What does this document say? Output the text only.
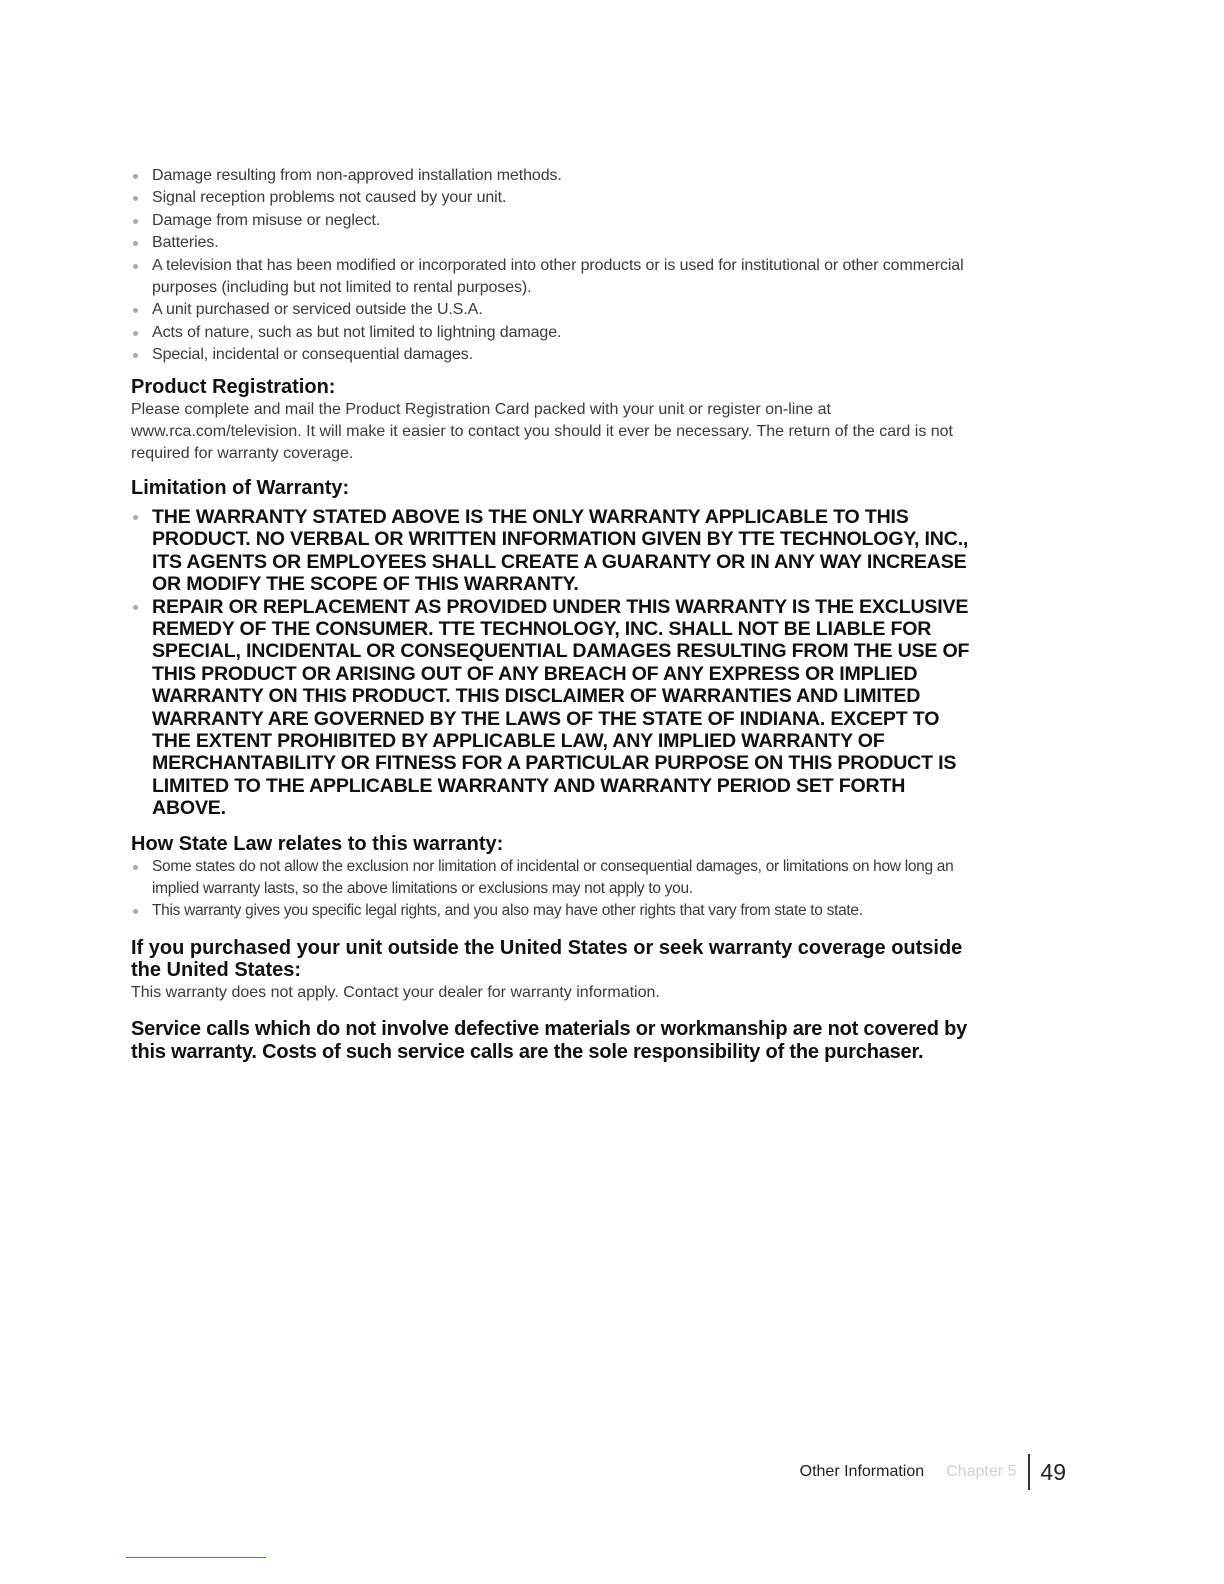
Damage resulting from non-approved installation methods.
Signal reception problems not caused by your unit.
Damage from misuse or neglect.
Batteries.
A television that has been modified or incorporated into other products or is used for institutional or other commercial purposes (including but not limited to rental purposes).
A unit purchased or serviced outside the U.S.A.
Acts of nature, such as but not limited to lightning damage.
Special, incidental or consequential damages.
Product Registration:

Please complete and mail the Product Registration Card packed with your unit or register on-line at www.rca.com/television. It will make it easier to contact you should it ever be necessary. The return of the card is not required for warranty coverage.

Limitation of Warranty:
THE WARRANTY STATED ABOVE IS THE ONLY WARRANTY APPLICABLE TO THIS PRODUCT. NO VERBAL OR WRITTEN INFORMATION GIVEN BY TTE TECHNOLOGY, INC., ITS AGENTS OR EMPLOYEES SHALL CREATE A GUARANTY OR IN ANY WAY INCREASE OR MODIFY THE SCOPE OF THIS WARRANTY.
REPAIR OR REPLACEMENT AS PROVIDED UNDER THIS WARRANTY IS THE EXCLUSIVE REMEDY OF THE CONSUMER. TTE TECHNOLOGY, INC. SHALL NOT BE LIABLE FOR SPECIAL, INCIDENTAL OR CONSEQUENTIAL DAMAGES RESULTING FROM THE USE OF THIS PRODUCT OR ARISING OUT OF ANY BREACH OF ANY EXPRESS OR IMPLIED WARRANTY ON THIS PRODUCT. THIS DISCLAIMER OF WARRANTIES AND LIMITED WARRANTY ARE GOVERNED BY THE LAWS OF THE STATE OF INDIANA. EXCEPT TO THE EXTENT PROHIBITED BY APPLICABLE LAW, ANY IMPLIED WARRANTY OF MERCHANTABILITY OR FITNESS FOR A PARTICULAR PURPOSE ON THIS PRODUCT IS LIMITED TO THE APPLICABLE WARRANTY AND WARRANTY PERIOD SET FORTH ABOVE.
How State Law relates to this warranty:
Some states do not allow the exclusion nor limitation of incidental or consequential damages, or limitations on how long an implied warranty lasts, so the above limitations or exclusions may not apply to you.
This warranty gives you specific legal rights, and you also may have other rights that vary from state to state.
If you purchased your unit outside the United States or seek warranty coverage outside the United States:

This warranty does not apply. Contact your dealer for warranty information.

Service calls which do not involve defective materials or workmanship are not covered by this warranty. Costs of such service calls are the sole responsibility of the purchaser.

Other Information Chapter 5 49
